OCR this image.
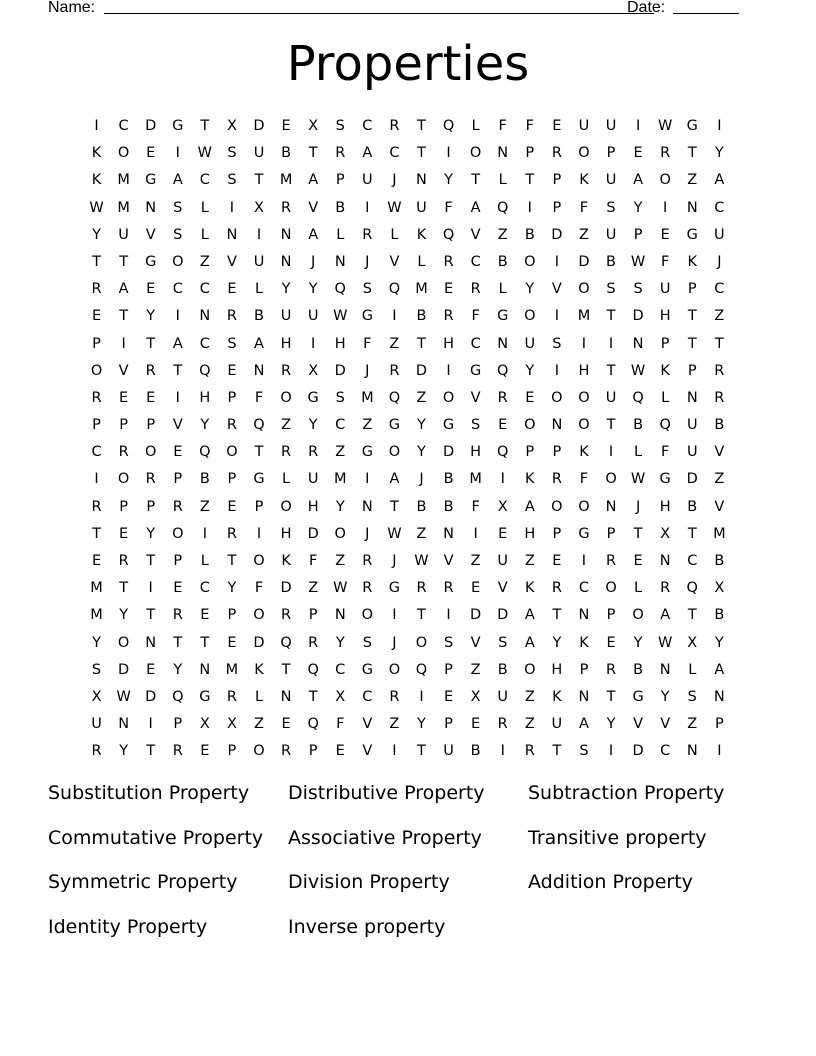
Name:	Date:
Properties
I	C	D	G	T	X	D	E	X	S	C	R	T	Q	L	F	F	E	U	U	I	W G	I
K	O	E	I	W	S	U	B	T	R	A	C	T	I	O	N	P	R	O	P	E	R	T	Y
K	M	G	A	C	S	T	M	A	P	U	J	N	Y	T	L	T	P	K	U	A	O	Z	A
W M	N	S	L	I	X	R	V	B	I	W	U	F	A	Q	I	P	F	S	Y	I	N	C
Y	U	V	S	L	N	I	N	A	L	R	L	K	Q	V	Z	B	D	Z	U	P	E	G	U
T	T	G	O	Z	V	U	N	J	N	J	V	L	R	C	B	O	I	D	B	W	F	K	J
R	A	E	C	C	E	L	Y	Y	Q	S	Q	M	E	R	L	Y	V	O	S	S	U	P	C
E	T	Y	I	N	R	B	U	U	W G	I	B	R	F	G	O	I	M	T	D	H	T	Z
P	I	T	A	C	S	A	H	I	H	F	Z	T	H	C	N	U	S	I	I	N	P	T	T
O	V	R	T	Q	E	N	R	X	D	J	R	D	I	G	Q	Y	I	H	T	W	K	P	R
R	E	E	I	H	P	F	O	G	S	M	Q	Z	O	V	R	E	O	O	U	Q	L	N	R
P	P	P	V	Y	R	Q	Z	Y	C	Z	G	Y	G	S	E	O	N	O	T	B	Q	U	B
C	R	O	E	Q	O	T	R	R	Z	G	O	Y	D	H	Q	P	P	K	I	L	F	U	V
I	O	R	P	B	P	G	L	U	M	I	A	J	B	M	I	K	R	F	O W G	D	Z
R	P	P	R	Z	E	P	O	H	Y	N	T	B	B	F	X	A	O	O	N	J	H	B	V
T	E	Y	O	I	R	I	H	D	O	J	W	Z	N	I	E	H	P	G	P	T	X	T	M
E	R	T	P	L	T	O	K	F	Z	R	J	W	V	Z	U	Z	E	I	R	E	N	C	B
M	T	I	E	C	Y	F	D	Z	W	R	G	R	R	E	V	K	R	C	O	L	R	Q	X
M	Y	T	R	E	P	O	R	P	N	O	I	T	I	D	D	A	T	N	P	O	A	T	B
Y	O	N	T	T	E	D	Q	R	Y	S	J	O	S	V	S	A	Y	K	E	Y	W	X	Y
S	D	E	Y	N	M	K	T	Q	C	G	O	Q	P	Z	B	O	H	P	R	B	N	L	A
X	W D	Q	G	R	L	N	T	X	C	R	I	E	X	U	Z	K	N	T	G	Y	S	N
U	N	I	P	X	X	Z	E	Q	F	V	Z	Y	P	E	R	Z	U	A	Y	V	V	Z	P
R	Y	T	R	E	P	O	R	P	E	V	I	T	U	B	I	R	T	S	I	D	C	N	I
Substitution Property	Distributive Property	Subtraction Property
Commutative Property	Associative Property	Transitive property
Symmetric Property	Division Property	Addition Property
Identity Property	Inverse property
